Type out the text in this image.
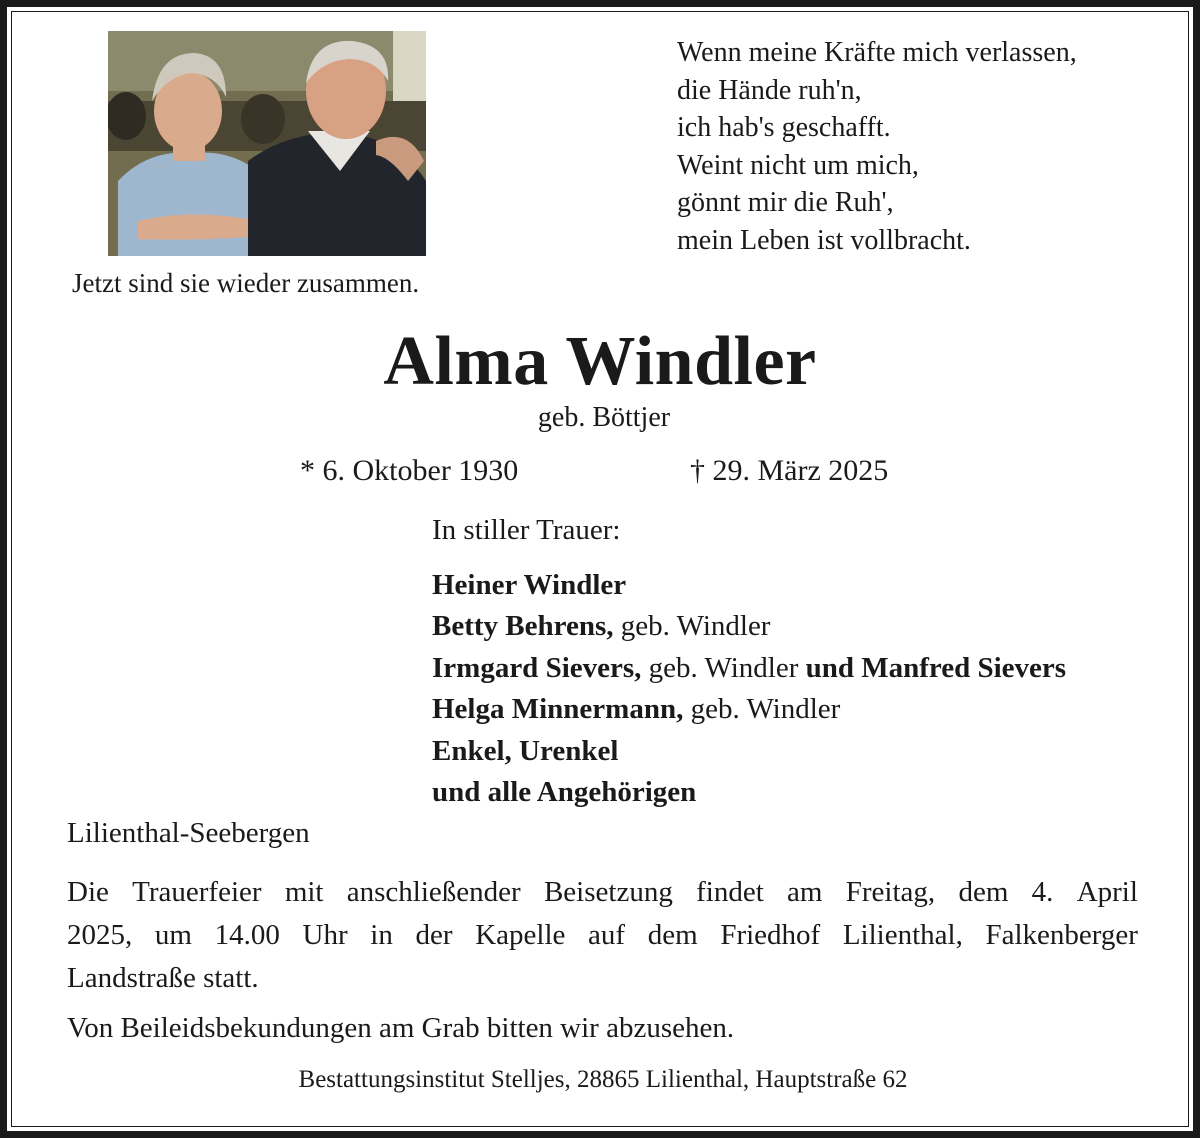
Jetzt sind sie wieder zusammen.
Wenn meine Kräfte mich verlassen,
die Hände ruh'n,
ich hab's geschafft.
Weint nicht um mich,
gönnt mir die Ruh',
mein Leben ist vollbracht.
Alma Windler
geb. Böttjer
* 6. Oktober 1930	† 29. März 2025
In stiller Trauer:
Heiner Windler
Betty Behrens, geb. Windler
Irmgard Sievers, geb. Windler und Manfred Sievers
Helga Minnermann, geb. Windler
Enkel, Urenkel
und alle Angehörigen
Lilienthal-Seebergen
Die Trauerfeier mit anschließender Beisetzung findet am Freitag, dem 4. April
2025, um 14.00 Uhr in der Kapelle auf dem Friedhof Lilienthal, Falkenberger
Landstraße statt.
Von Beileidsbekundungen am Grab bitten wir abzusehen.
Bestattungsinstitut Stelljes, 28865 Lilienthal, Hauptstraße 62
